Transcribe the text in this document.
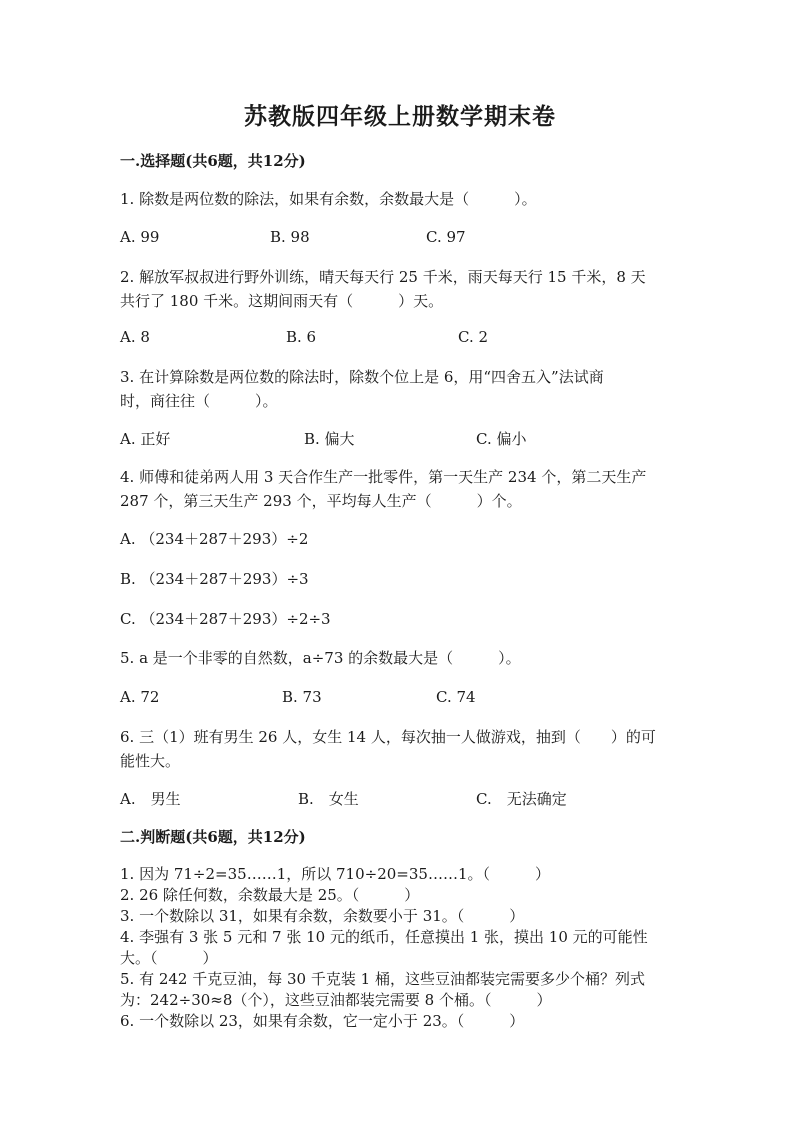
苏教版四年级上册数学期末卷
一.选择题(共6题，共12分)
1. 除数是两位数的除法，如果有余数，余数最大是（　　　）。
A. 99	B. 98	C. 97
2. 解放军叔叔进行野外训练，晴天每天行 25 千米，雨天每天行 15 千米，8 天
共行了 180 千米。这期间雨天有（　　　）天。
A. 8	B. 6	C. 2
3. 在计算除数是两位数的除法时，除数个位上是 6，用“四舍五入”法试商
时，商往往（　　　）。
A. 正好	B. 偏大	C. 偏小
4. 师傅和徒弟两人用 3 天合作生产一批零件，第一天生产 234 个，第二天生产
287 个，第三天生产 293 个，平均每人生产（　　　）个。
A. （234＋287＋293）÷2
B. （234＋287＋293）÷3
C. （234＋287＋293）÷2÷3
5. a 是一个非零的自然数，a÷73 的余数最大是（　　　）。
A. 72	B. 73	C. 74
6. 三（1）班有男生 26 人，女生 14 人，每次抽一人做游戏，抽到（　　）的可
能性大。
A.　男生	B.　女生	C.　无法确定
二.判断题(共6题，共12分)
1. 因为 71÷2=35……1，所以 710÷20=35……1。（　　　）
2. 26 除任何数，余数最大是 25。（　　　）
3. 一个数除以 31，如果有余数，余数要小于 31。（　　　）
4. 李强有 3 张 5 元和 7 张 10 元的纸币，任意摸出 1 张，摸出 10 元的可能性
大。（　　　）
5. 有 242 千克豆油，每 30 千克装 1 桶，这些豆油都装完需要多少个桶？列式
为：242÷30≈8（个），这些豆油都装完需要 8 个桶。（　　　）
6. 一个数除以 23，如果有余数，它一定小于 23。（　　　）
